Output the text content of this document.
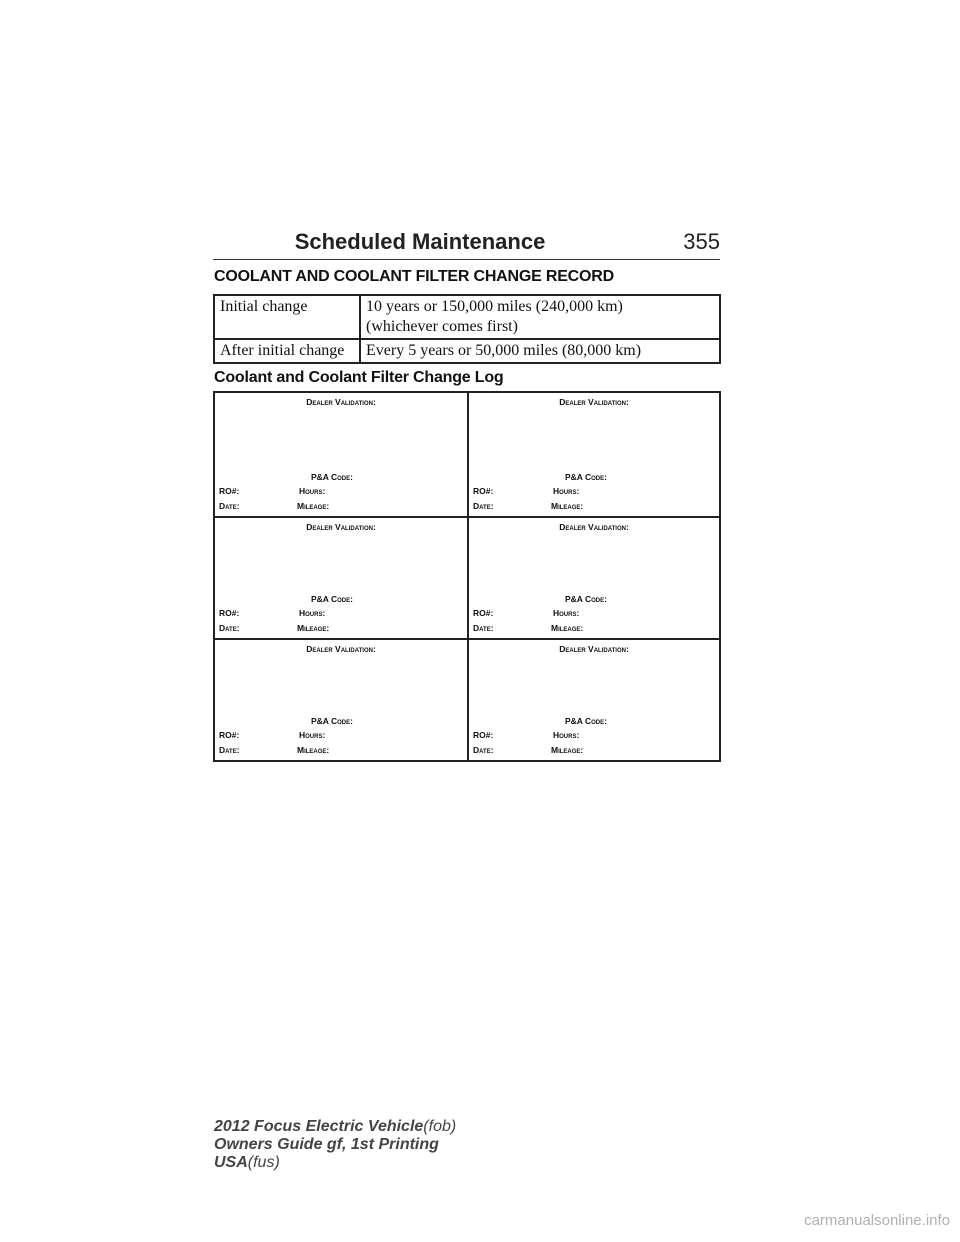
Scheduled Maintenance	355
COOLANT AND COOLANT FILTER CHANGE RECORD
Initial change	10 years or 150,000 miles (240,000 km)
(whichever comes first)

After initial change	Every 5 years or 50,000 miles (80,000 km)
Coolant and Coolant Filter Change Log
Dealer Validation:
P&A Code:
RO#:	Hours:
Date:	Mileage:
Dealer Validation:
P&A Code:
RO#:	Hours:
Date:	Mileage:
Dealer Validation:
P&A Code:
RO#:	Hours:
Date:	Mileage:
Dealer Validation:
P&A Code:
RO#:	Hours:
Date:	Mileage:
Dealer Validation:
P&A Code:
RO#:	Hours:
Date:	Mileage:
Dealer Validation:
P&A Code:
RO#:	Hours:
Date:	Mileage:
2012 Focus Electric Vehicle(fob)
Owners Guide gf, 1st Printing
USA(fus)
carmanualsonline.info
